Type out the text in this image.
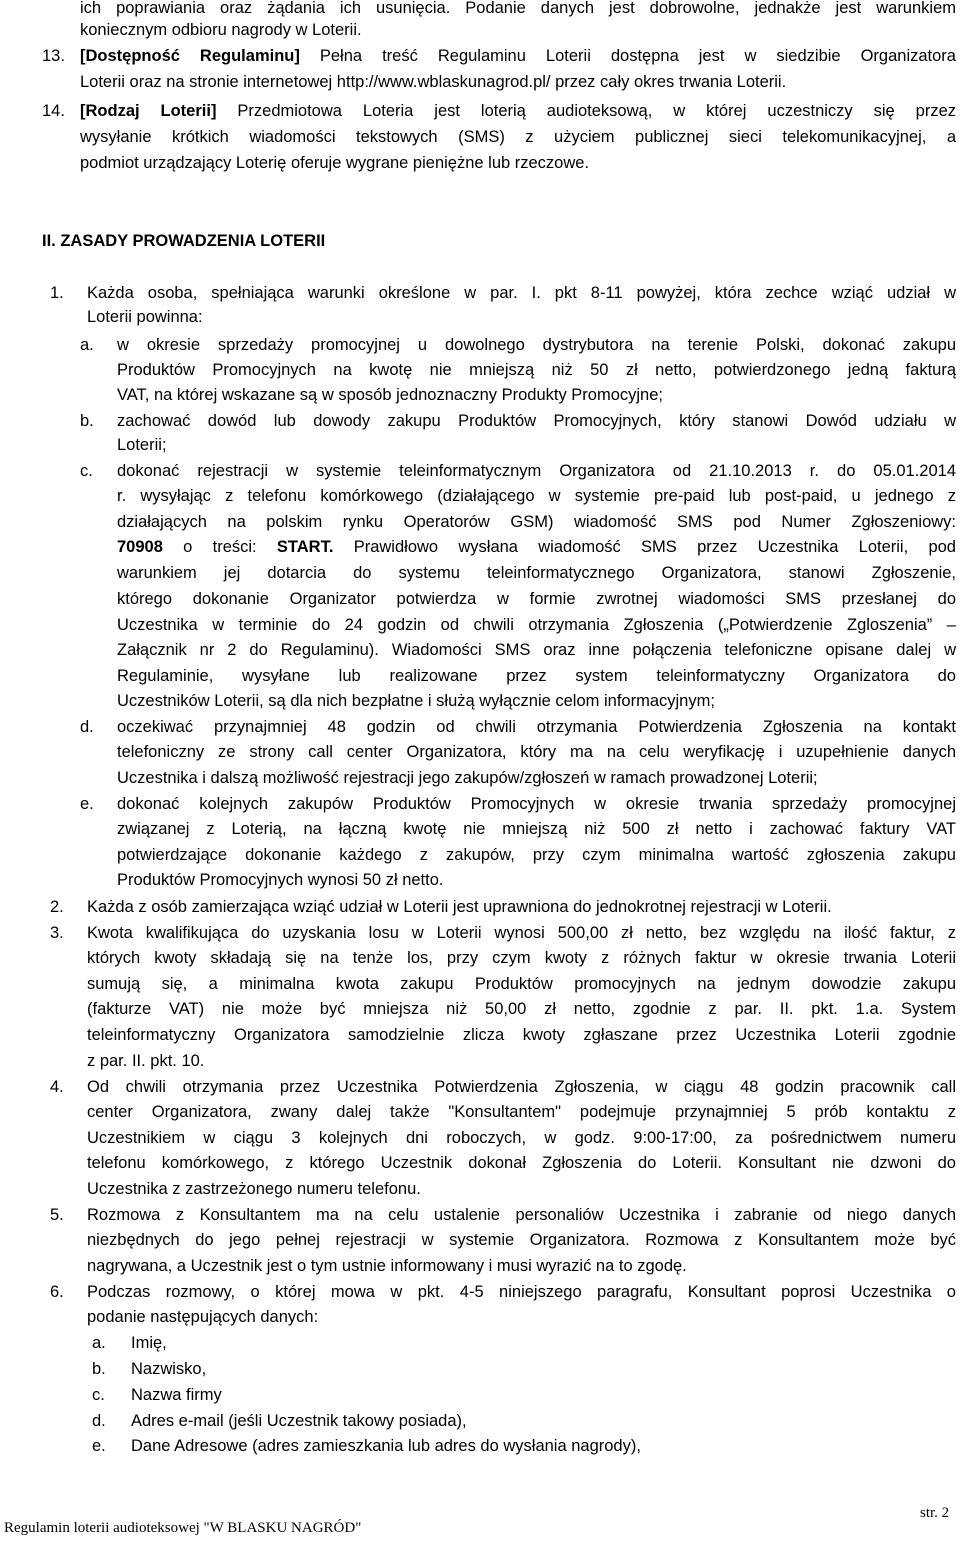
ich poprawiania oraz żądania ich usunięcia. Podanie danych jest dobrowolne, jednakże jest warunkiem
koniecznym odbioru nagrody w Loterii.
13. [Dostępność Regulaminu] Pełna treść Regulaminu Loterii dostępna jest w siedzibie Organizatora
Loterii oraz na stronie internetowej http://www.wblaskunagrod.pl/ przez cały okres trwania Loterii.
14. [Rodzaj Loterii] Przedmiotowa Loteria jest loterią audioteksową, w której uczestniczy się przez
wysyłanie krótkich wiadomości tekstowych (SMS) z użyciem publicznej sieci telekomunikacyjnej, a
podmiot urządzający Loterię oferuje wygrane pieniężne lub rzeczowe.
II. ZASADY PROWADZENIA LOTERII
1. Każda osoba, spełniająca warunki określone w par. I. pkt 8-11 powyżej, która zechce wziąć udział w
Loterii powinna:
a. w okresie sprzedaży promocyjnej u dowolnego dystrybutora na terenie Polski, dokonać zakupu
Produktów Promocyjnych na kwotę nie mniejszą niż 50 zł netto, potwierdzonego jedną fakturą
VAT, na której wskazane są w sposób jednoznaczny Produkty Promocyjne;
b. zachować dowód lub dowody zakupu Produktów Promocyjnych, który stanowi Dowód udziału w
Loterii;
c. dokonać rejestracji w systemie teleinformatycznym Organizatora od 21.10.2013 r. do 05.01.2014
r. wysyłając z telefonu komórkowego (działającego w systemie pre-paid lub post-paid, u jednego z
działających na polskim rynku Operatorów GSM) wiadomość SMS pod Numer Zgłoszeniowy:
70908 o treści: START. Prawidłowo wysłana wiadomość SMS przez Uczestnika Loterii, pod
warunkiem jej dotarcia do systemu teleinformatycznego Organizatora, stanowi Zgłoszenie,
którego dokonanie Organizator potwierdza w formie zwrotnej wiadomości SMS przesłanej do
Uczestnika w terminie do 24 godzin od chwili otrzymania Zgłoszenia („Potwierdzenie Zgloszenia” –
Załącznik nr 2 do Regulaminu). Wiadomości SMS oraz inne połączenia telefoniczne opisane dalej w
Regulaminie, wysyłane lub realizowane przez system teleinformatyczny Organizatora do
Uczestników Loterii, są dla nich bezpłatne i służą wyłącznie celom informacyjnym;
d. oczekiwać przynajmniej 48 godzin od chwili otrzymania Potwierdzenia Zgłoszenia na kontakt
telefoniczny ze strony call center Organizatora, który ma na celu weryfikację i uzupełnienie danych
Uczestnika i dalszą możliwość rejestracji jego zakupów/zgłoszeń w ramach prowadzonej Loterii;
e. dokonać kolejnych zakupów Produktów Promocyjnych w okresie trwania sprzedaży promocyjnej
związanej z Loterią, na łączną kwotę nie mniejszą niż 500 zł netto i zachować faktury VAT
potwierdzające dokonanie każdego z zakupów, przy czym minimalna wartość zgłoszenia zakupu
Produktów Promocyjnych wynosi 50 zł netto.
2. Każda z osób zamierzająca wziąć udział w Loterii jest uprawniona do jednokrotnej rejestracji w Loterii.
3. Kwota kwalifikująca do uzyskania losu w Loterii wynosi 500,00 zł netto, bez względu na ilość faktur, z
których kwoty składają się na tenże los, przy czym kwoty z różnych faktur w okresie trwania Loterii
sumują się, a minimalna kwota zakupu Produktów promocyjnych na jednym dowodzie zakupu
(fakturze VAT) nie może być mniejsza niż 50,00 zł netto, zgodnie z par. II. pkt. 1.a. System
teleinformatyczny Organizatora samodzielnie zlicza kwoty zgłaszane przez Uczestnika Loterii zgodnie
z par. II. pkt. 10.
4. Od chwili otrzymania przez Uczestnika Potwierdzenia Zgłoszenia, w ciągu 48 godzin pracownik call
center Organizatora, zwany dalej także "Konsultantem" podejmuje przynajmniej 5 prób kontaktu z
Uczestnikiem w ciągu 3 kolejnych dni roboczych, w godz. 9:00-17:00, za pośrednictwem numeru
telefonu komórkowego, z którego Uczestnik dokonał Zgłoszenia do Loterii. Konsultant nie dzwoni do
Uczestnika z zastrzeżonego numeru telefonu.
5. Rozmowa z Konsultantem ma na celu ustalenie personaliów Uczestnika i zabranie od niego danych
niezbędnych do jego pełnej rejestracji w systemie Organizatora. Rozmowa z Konsultantem może być
nagrywana, a Uczestnik jest o tym ustnie informowany i musi wyrazić na to zgodę.
6. Podczas rozmowy, o której mowa w pkt. 4-5 niniejszego paragrafu, Konsultant poprosi Uczestnika o
podanie następujących danych:
a. Imię,
b. Nazwisko,
c. Nazwa firmy
d. Adres e-mail (jeśli Uczestnik takowy posiada),
e. Dane Adresowe (adres zamieszkania lub adres do wysłania nagrody),
Regulamin loterii audioteksowej "W BLASKU NAGRÓD"
str. 2
